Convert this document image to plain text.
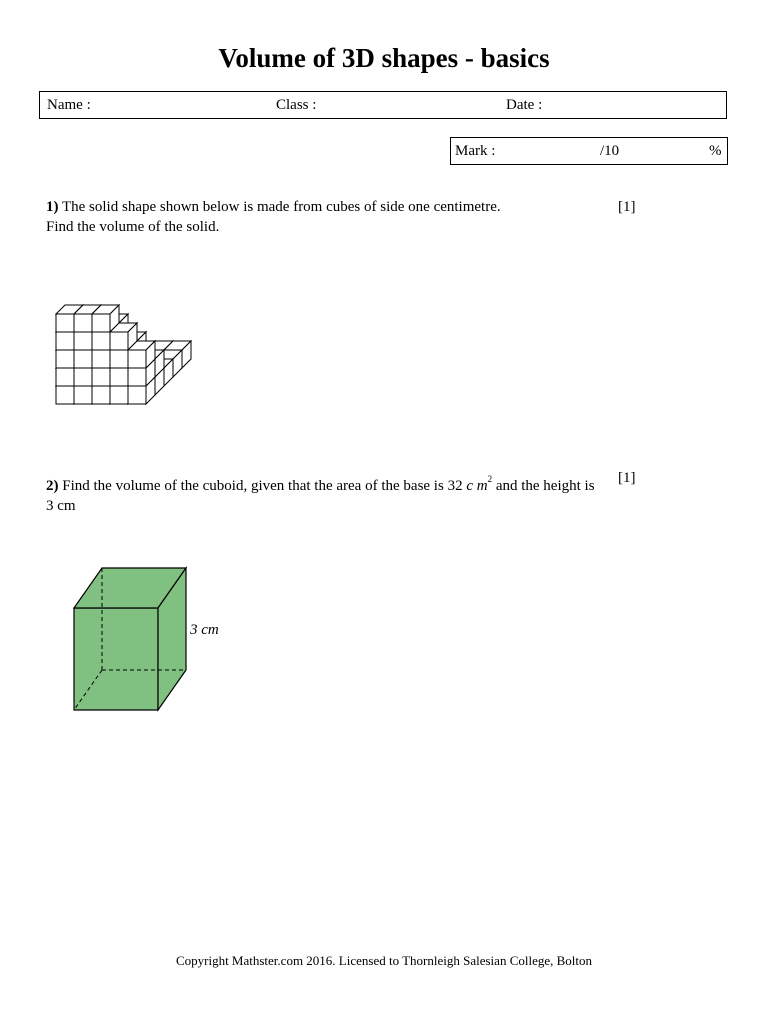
Volume of 3D shapes - basics
Name :	Class :	Date :
Mark :	/10	%
1) The solid shape shown below is made from cubes of side one centimetre.
Find the volume of the solid.
[1]
2) Find the volume of the cuboid, given that the area of the base is 32 c $m^2$ and the height is
3 cm
[1]
3 cm
Copyright Mathster.com 2016. Licensed to Thornleigh Salesian College, Bolton
